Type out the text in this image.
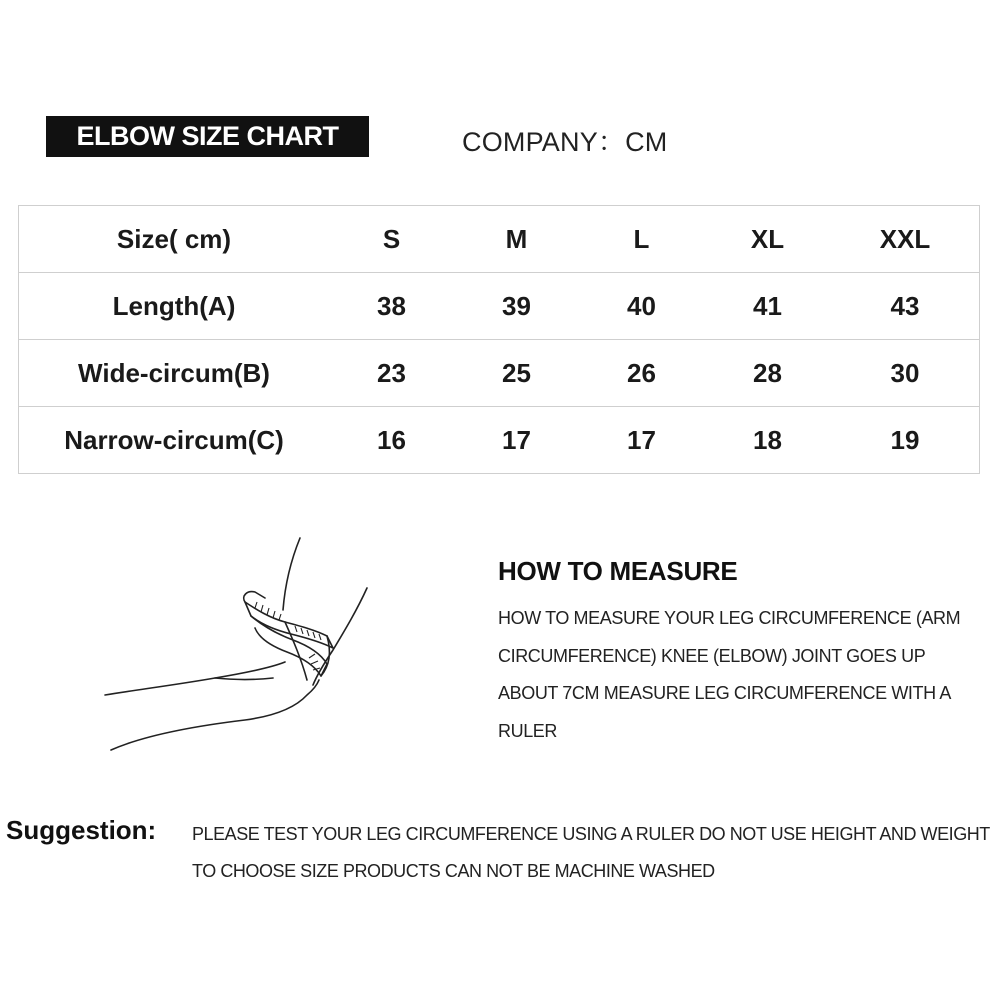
ELBOW SIZE CHART	COMPANY：CM
Size( cm)	S	M	L	XL	XXL
Length(A)	38	39	40	41	43
Wide-circum(B)	23	25	26	28	30
Narrow-circum(C)	16	17	17	18	19
HOW TO MEASURE
HOW TO MEASURE YOUR LEG CIRCUMFERENCE (ARM CIRCUMFERENCE) KNEE (ELBOW) JOINT GOES UP ABOUT 7CM MEASURE LEG CIRCUMFERENCE WITH A RULER
Suggestion: PLEASE TEST YOUR LEG CIRCUMFERENCE USING A RULER DO NOT USE HEIGHT AND WEIGHT TO CHOOSE SIZE PRODUCTS CAN NOT BE MACHINE WASHED
